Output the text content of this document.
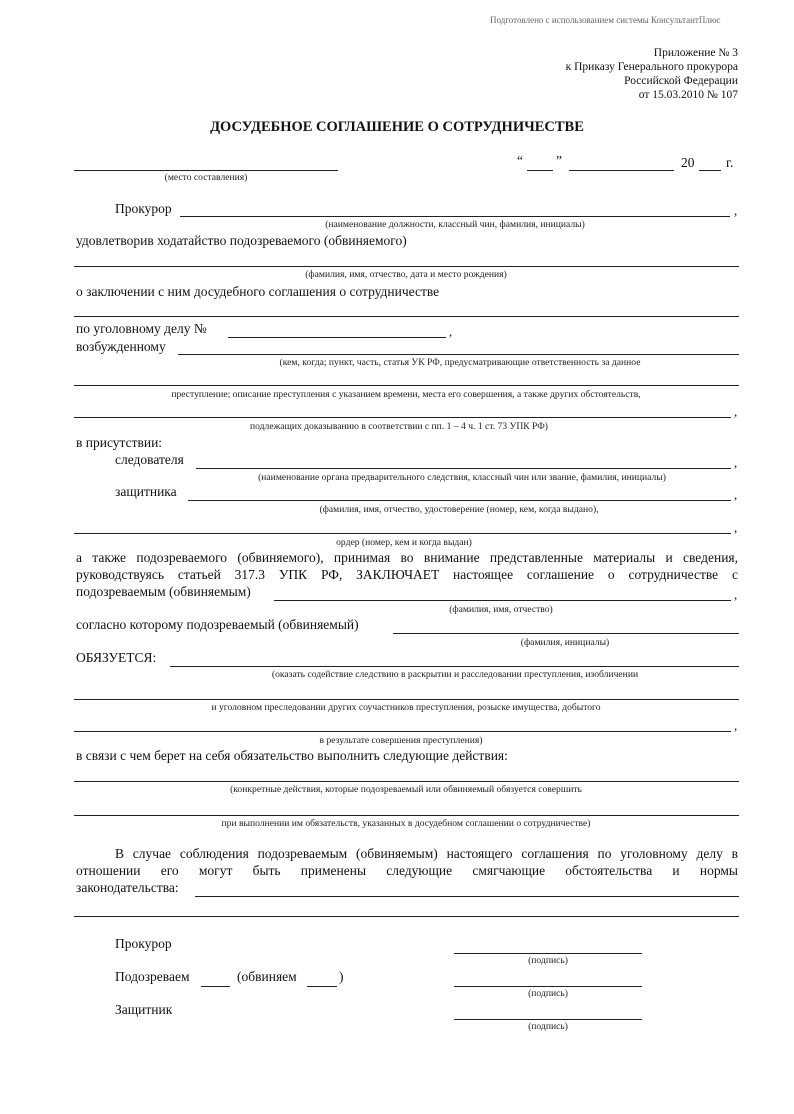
Подготовлено с использованием системы КонсультантПлюс
Приложение № 3
к Приказу Генерального прокурора
Российской Федерации
от 15.03.2010 № 107
ДОСУДЕБНОЕ СОГЛАШЕНИЕ О СОТРУДНИЧЕСТВЕ
(место составления)
“ ”	20 г.
Прокурор	,
(наименование должности, классный чин, фамилия, инициалы)
удовлетворив ходатайство подозреваемого (обвиняемого)
(фамилия, имя, отчество, дата и место рождения)
о заключении с ним досудебного соглашения о сотрудничестве
по уголовному делу №	,
возбужденному
(кем, когда; пункт, часть, статья УК РФ, предусматривающие ответственность за данное
преступление; описание преступления с указанием времени, места его совершения, а также других обстоятельств,
,
подлежащих доказыванию в соответствии с пп. 1 – 4 ч. 1 ст. 73 УПК РФ)
в присутствии:
следователя	,
(наименование органа предварительного следствия, классный чин или звание, фамилия, инициалы)
защитника	,
(фамилия, имя, отчество, удостоверение (номер, кем, когда выдано),
,
ордер (номер, кем и когда выдан)
а также подозреваемого (обвиняемого), принимая во внимание представленные материалы и сведения,
руководствуясь статьей 317.3 УПК РФ, ЗАКЛЮЧАЕТ настоящее соглашение о сотрудничестве с
подозреваемым (обвиняемым)	,
(фамилия, имя, отчество)
согласно которому подозреваемый (обвиняемый)
(фамилия, инициалы)
ОБЯЗУЕТСЯ:
(оказать содействие следствию в раскрытии и расследовании преступления, изобличении
и уголовном преследовании других соучастников преступления, розыске имущества, добытого
,
в результате совершения преступления)
в связи с чем берет на себя обязательство выполнить следующие действия:
(конкретные действия, которые подозреваемый или обвиняемый обязуется совершить
при выполнении им обязательств, указанных в досудебном соглашении о сотрудничестве)
В случае соблюдения подозреваемым (обвиняемым) настоящего соглашения по уголовному делу в
отношении его могут быть применены следующие смягчающие обстоятельства и нормы
законодательства:
Прокурор
(подпись)
Подозреваем	(обвиняем	)
(подпись)
Защитник
(подпись)
